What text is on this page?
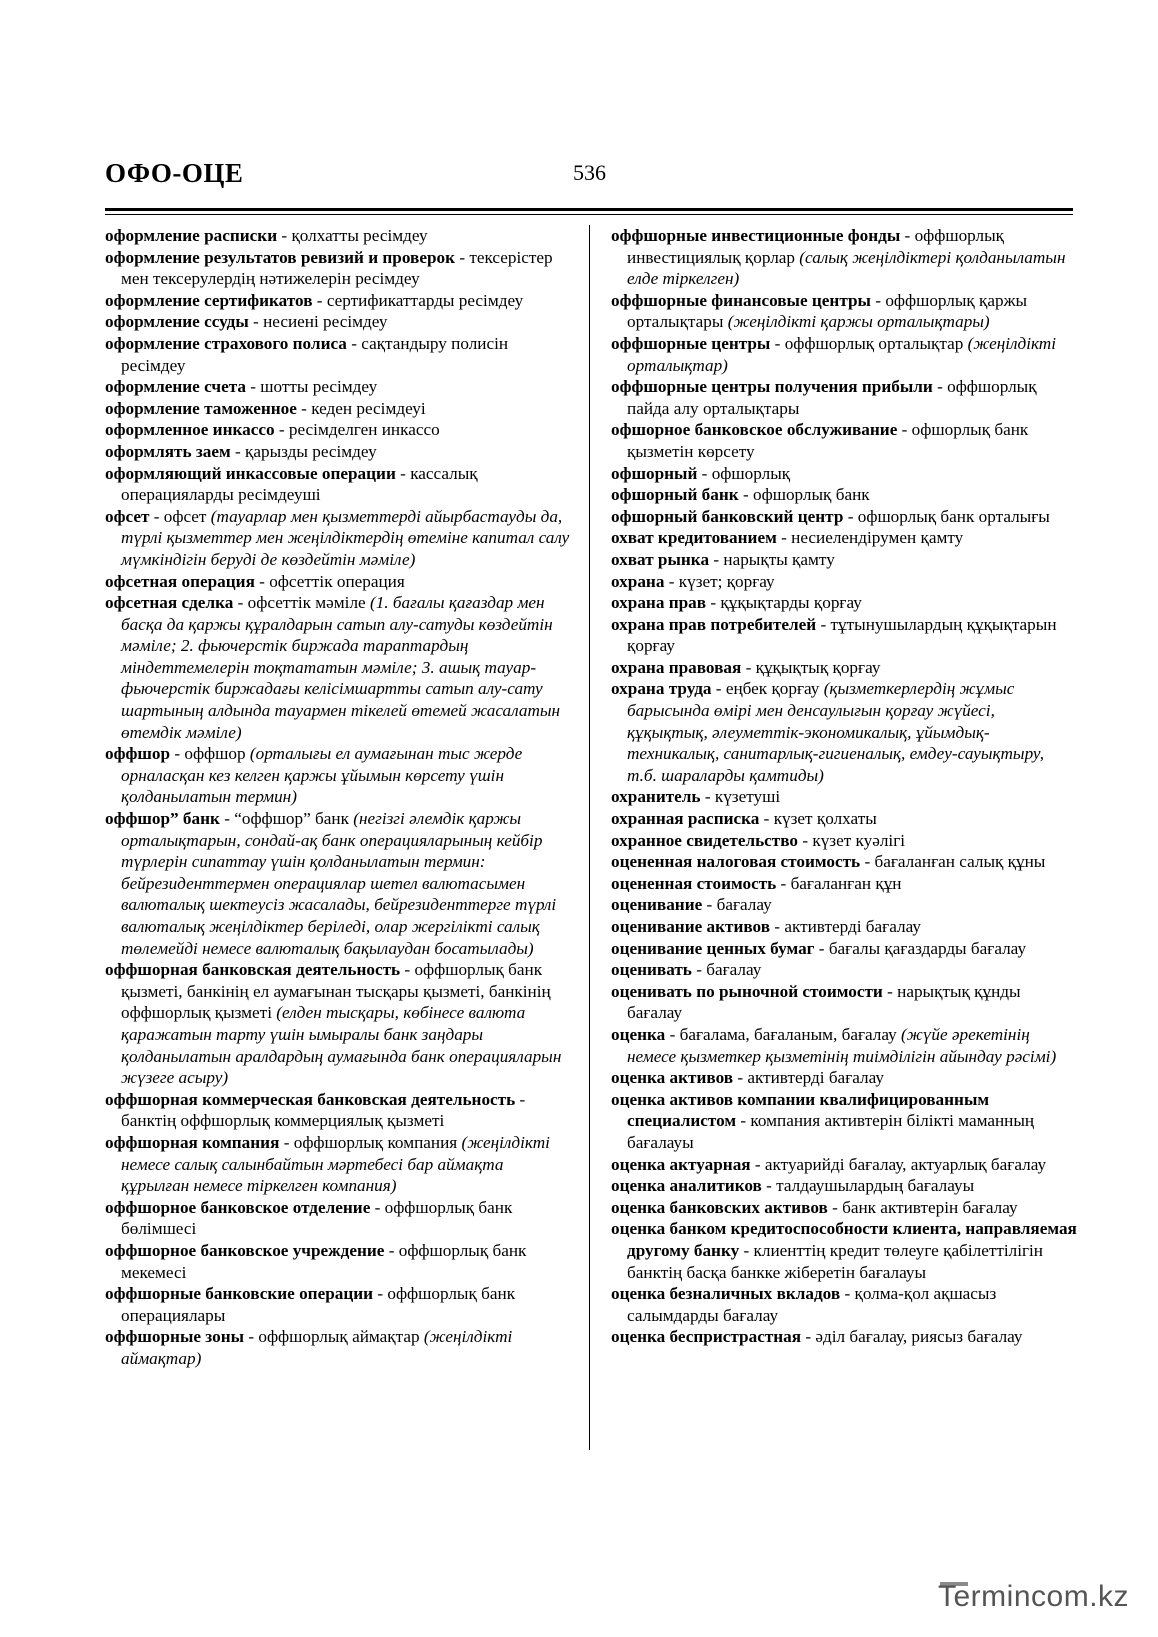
ОФО-ОЦЕ	536

оформление расписки - қолхатты ресімдеу

оформление результатов ревизий и проверок - тексерістер мен тексерулердің нәтижелерін ресімдеу

оформление сертификатов - сертификаттарды ресімдеу

оформление ссуды - несиені ресімдеу

оформление страхового полиса - сақтандыру полисін ресімдеу

оформление счета - шотты ресімдеу

оформление таможенное - кеден ресімдеуі

оформленное инкассо - ресімделген инкассо

оформлять заем - қарызды ресімдеу

оформляющий инкассовые операции - кассалық операцияларды ресімдеуші

офсет - офсет (тауарлар мен қызметтерді айырбастауды да, түрлі қызметтер мен жеңілдіктердің өтеміне капитал салу мүмкіндігін беруді де көздейтін мәміле)

офсетная операция - офсеттік операция

офсетная сделка - офсеттік мәміле (1. бағалы қағаздар мен басқа да қаржы құралдарын сатып алу-сатуды көздейтін мәміле; 2. фьючерстік биржада тараптардың міндеттемелерін тоқтататын мәміле; 3. ашық тауар-фьючерстік биржадағы келісімшартты сатып алу-сату шартының алдында тауармен тікелей өтемей жасалатын өтемдік мәміле)

оффшор - оффшор (орталығы ел аумағынан тыс жерде орналасқан кез келген қаржы ұйымын көрсету үшін қолданылатын термин)

оффшор” банк - “оффшор” банк (негізгі әлемдік қаржы орталықтарын, сондай-ақ банк операцияларының кейбір түрлерін сипаттау үшін қолданылатын термин: бейрезиденттермен операциялар шетел валютасымен валюталық шектеусіз жасалады, бейрезиденттерге түрлі валюталық жеңілдіктер беріледі, олар жергілікті салық төлемейді немесе валюталық бақылаудан босатылады)

оффшорная банковская деятельность - оффшорлық банк қызметі, банкінің ел аумағынан тысқары қызметі, банкінің оффшорлық қызметі (елден тысқары, көбінесе валюта қаражатын тарту үшін ымыралы банк заңдары қолданылатын аралдардың аумағында банк операцияларын жүзеге асыру)

оффшорная коммерческая банковская деятельность - банктің оффшорлық коммерциялық қызметі

оффшорная компания - оффшорлық компания (жеңілдікті немесе салық салынбайтын мәртебесі бар аймақта құрылған немесе тіркелген компания)

оффшорное банковское отделение - оффшорлық банк бөлімшесі

оффшорное банковское учреждение - оффшорлық банк мекемесі

оффшорные банковские операции - оффшорлық банк операциялары

оффшорные зоны - оффшорлық аймақтар (жеңілдікті аймақтар)

оффшорные инвестиционные фонды - оффшорлық инвестициялық қорлар (салық жеңілдіктері қолданылатын елде тіркелген)

оффшорные финансовые центры - оффшорлық қаржы орталықтары (жеңілдікті қаржы орталықтары)

оффшорные центры - оффшорлық орталықтар (жеңілдікті орталықтар)

оффшорные центры получения прибыли - оффшорлық пайда алу орталықтары

офшорное банковское обслуживание - офшорлық банк қызметін көрсету

офшорный - офшорлық

офшорный банк - офшорлық банк

офшорный банковский центр - офшорлық банк орталығы

охват кредитованием - несиелендірумен қамту

охват рынка - нарықты қамту

охрана - күзет; қорғау

охрана прав - құқықтарды қорғау

охрана прав потребителей - тұтынушылардың құқықтарын қорғау

охрана правовая - құқықтық қорғау

охрана труда - еңбек қорғау (қызметкерлердің жұмыс барысында өмірі мен денсаулығын қорғау жүйесі, құқықтық, әлеуметтік-экономикалық, ұйымдық-техникалық, санитарлық-гигиеналық, емдеу-сауықтыру, т.б. шараларды қамтиды)

охранитель - күзетуші

охранная расписка - күзет қолхаты

охранное свидетельство - күзет куәлігі

оцененная налоговая стоимость - бағаланған салық құны

оцененная стоимость - бағаланған құн

оценивание - бағалау

оценивание активов - активтерді бағалау

оценивание ценных бумаг - бағалы қағаздарды бағалау

оценивать - бағалау

оценивать по рыночной стоимости - нарықтық құнды бағалау

оценка - бағалама, бағаланым, бағалау (жүйе әрекетінің немесе қызметкер қызметінің тиімділігін айындау рәсімі)

оценка активов - активтерді бағалау

оценка активов компании квалифицированным специалистом - компания активтерін білікті маманның бағалауы

оценка актуарная - актуарийді бағалау, актуарлық бағалау

оценка аналитиков - талдаушылардың бағалауы

оценка банковских активов - банк активтерін бағалау

оценка банком кредитоспособности клиента, направляемая другому банку - клиенттің кредит төлеуге қабілеттілігін банктің басқа банкке жіберетін бағалауы

оценка безналичных вкладов - қолма-қол ақшасыз салымдарды бағалау

оценка беспристрастная - әділ бағалау, риясыз бағалау

Termincom.kz
